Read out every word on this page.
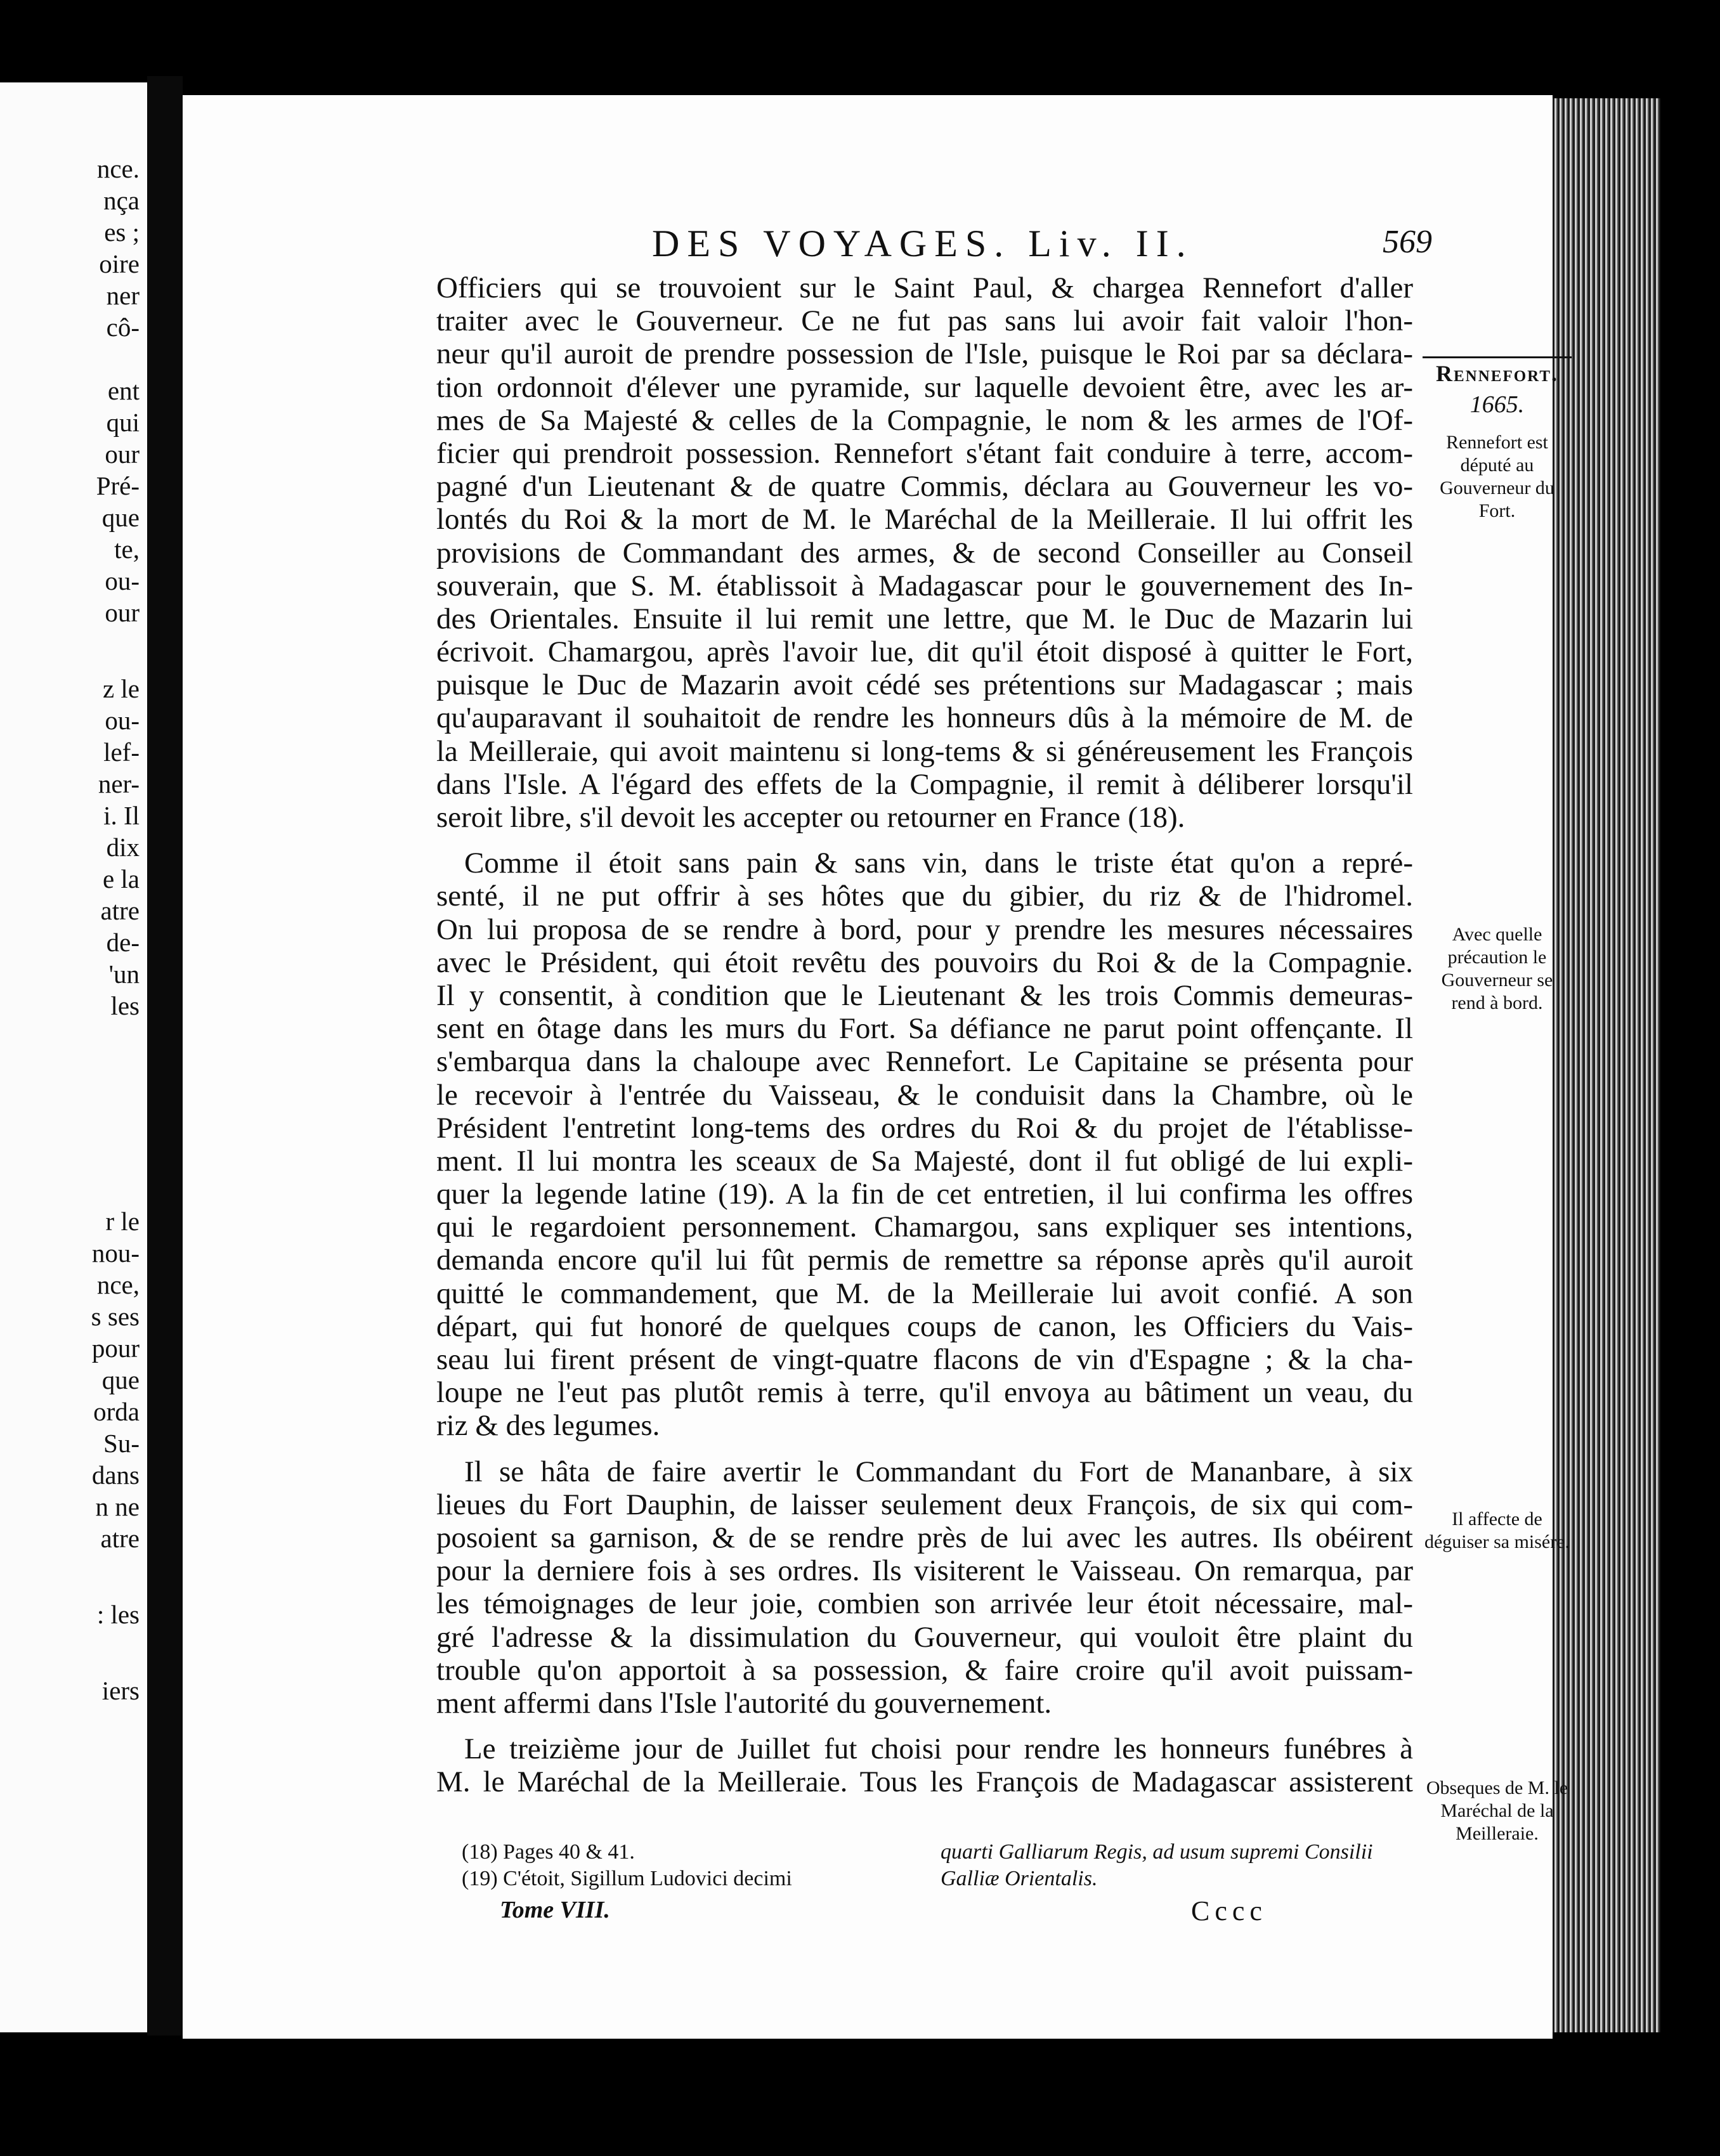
nce.
nça
es ;
oire
ner
cô-
ent
qui
our
Pré-
que
te,
ou-
our
z le
ou-
lef-
ner-
i. Il
dix
e la
atre
de-
'un
les
r le
nou-
nce,
s ses
pour
que
orda
Su-
dans
n ne
atre
: les
iers
DES VOYAGES. Liv. II.	569
Officiers qui se trouvoient sur le Saint Paul, & chargea Rennefort d'aller
traiter avec le Gouverneur. Ce ne fut pas sans lui avoir fait valoir l'hon-
neur qu'il auroit de prendre possession de l'Isle, puisque le Roi par sa déclara-
tion ordonnoit d'élever une pyramide, sur laquelle devoient être, avec les ar-
mes de Sa Majesté & celles de la Compagnie, le nom & les armes de l'Of-
ficier qui prendroit possession. Rennefort s'étant fait conduire à terre, accom-
pagné d'un Lieutenant & de quatre Commis, déclara au Gouverneur les vo-
lontés du Roi & la mort de M. le Maréchal de la Meilleraie. Il lui offrit les
provisions de Commandant des armes, & de second Conseiller au Conseil
souverain, que S. M. établissoit à Madagascar pour le gouvernement des In-
des Orientales. Ensuite il lui remit une lettre, que M. le Duc de Mazarin lui
écrivoit. Chamargou, après l'avoir lue, dit qu'il étoit disposé à quitter le Fort,
puisque le Duc de Mazarin avoit cédé ses prétentions sur Madagascar ; mais
qu'auparavant il souhaitoit de rendre les honneurs dûs à la mémoire de M. de
la Meilleraie, qui avoit maintenu si long-tems & si généreusement les François
dans l'Isle. A l'égard des effets de la Compagnie, il remit à déliberer lorsqu'il
seroit libre, s'il devoit les accepter ou retourner en France (18).
Comme il étoit sans pain & sans vin, dans le triste état qu'on a repré-
senté, il ne put offrir à ses hôtes que du gibier, du riz & de l'hidromel.
On lui proposa de se rendre à bord, pour y prendre les mesures nécessaires
avec le Président, qui étoit revêtu des pouvoirs du Roi & de la Compagnie.
Il y consentit, à condition que le Lieutenant & les trois Commis demeuras-
sent en ôtage dans les murs du Fort. Sa défiance ne parut point offençante. Il
s'embarqua dans la chaloupe avec Rennefort. Le Capitaine se présenta pour
le recevoir à l'entrée du Vaisseau, & le conduisit dans la Chambre, où le
Président l'entretint long-tems des ordres du Roi & du projet de l'établisse-
ment. Il lui montra les sceaux de Sa Majesté, dont il fut obligé de lui expli-
quer la legende latine (19). A la fin de cet entretien, il lui confirma les offres
qui le regardoient personnement. Chamargou, sans expliquer ses intentions,
demanda encore qu'il lui fût permis de remettre sa réponse après qu'il auroit
quitté le commandement, que M. de la Meilleraie lui avoit confié. A son
départ, qui fut honoré de quelques coups de canon, les Officiers du Vais-
seau lui firent présent de vingt-quatre flacons de vin d'Espagne ; & la cha-
loupe ne l'eut pas plutôt remis à terre, qu'il envoya au bâtiment un veau, du
riz & des legumes.
Il se hâta de faire avertir le Commandant du Fort de Mananbare, à six
lieues du Fort Dauphin, de laisser seulement deux François, de six qui com-
posoient sa garnison, & de se rendre près de lui avec les autres. Ils obéirent
pour la derniere fois à ses ordres. Ils visiterent le Vaisseau. On remarqua, par
les témoignages de leur joie, combien son arrivée leur étoit nécessaire, mal-
gré l'adresse & la dissimulation du Gouverneur, qui vouloit être plaint du
trouble qu'on apportoit à sa possession, & faire croire qu'il avoit puissam-
ment affermi dans l'Isle l'autorité du gouvernement.
Le treizième jour de Juillet fut choisi pour rendre les honneurs funébres à
M. le Maréchal de la Meilleraie. Tous les François de Madagascar assisterent
Rennefort.
1665.
Rennefort est député au Gouverneur du Fort.
Avec quelle précaution le Gouverneur se rend à bord.
Il affecte de déguiser sa misére.
Obseques de M. le Maréchal de la Meilleraie.
(18) Pages 40 & 41.
(19) C'étoit, Sigillum Ludovici decimi
quarti Galliarum Regis, ad usum supremi Consilii Galliæ Orientalis.
Tome VIII.	Cccc
